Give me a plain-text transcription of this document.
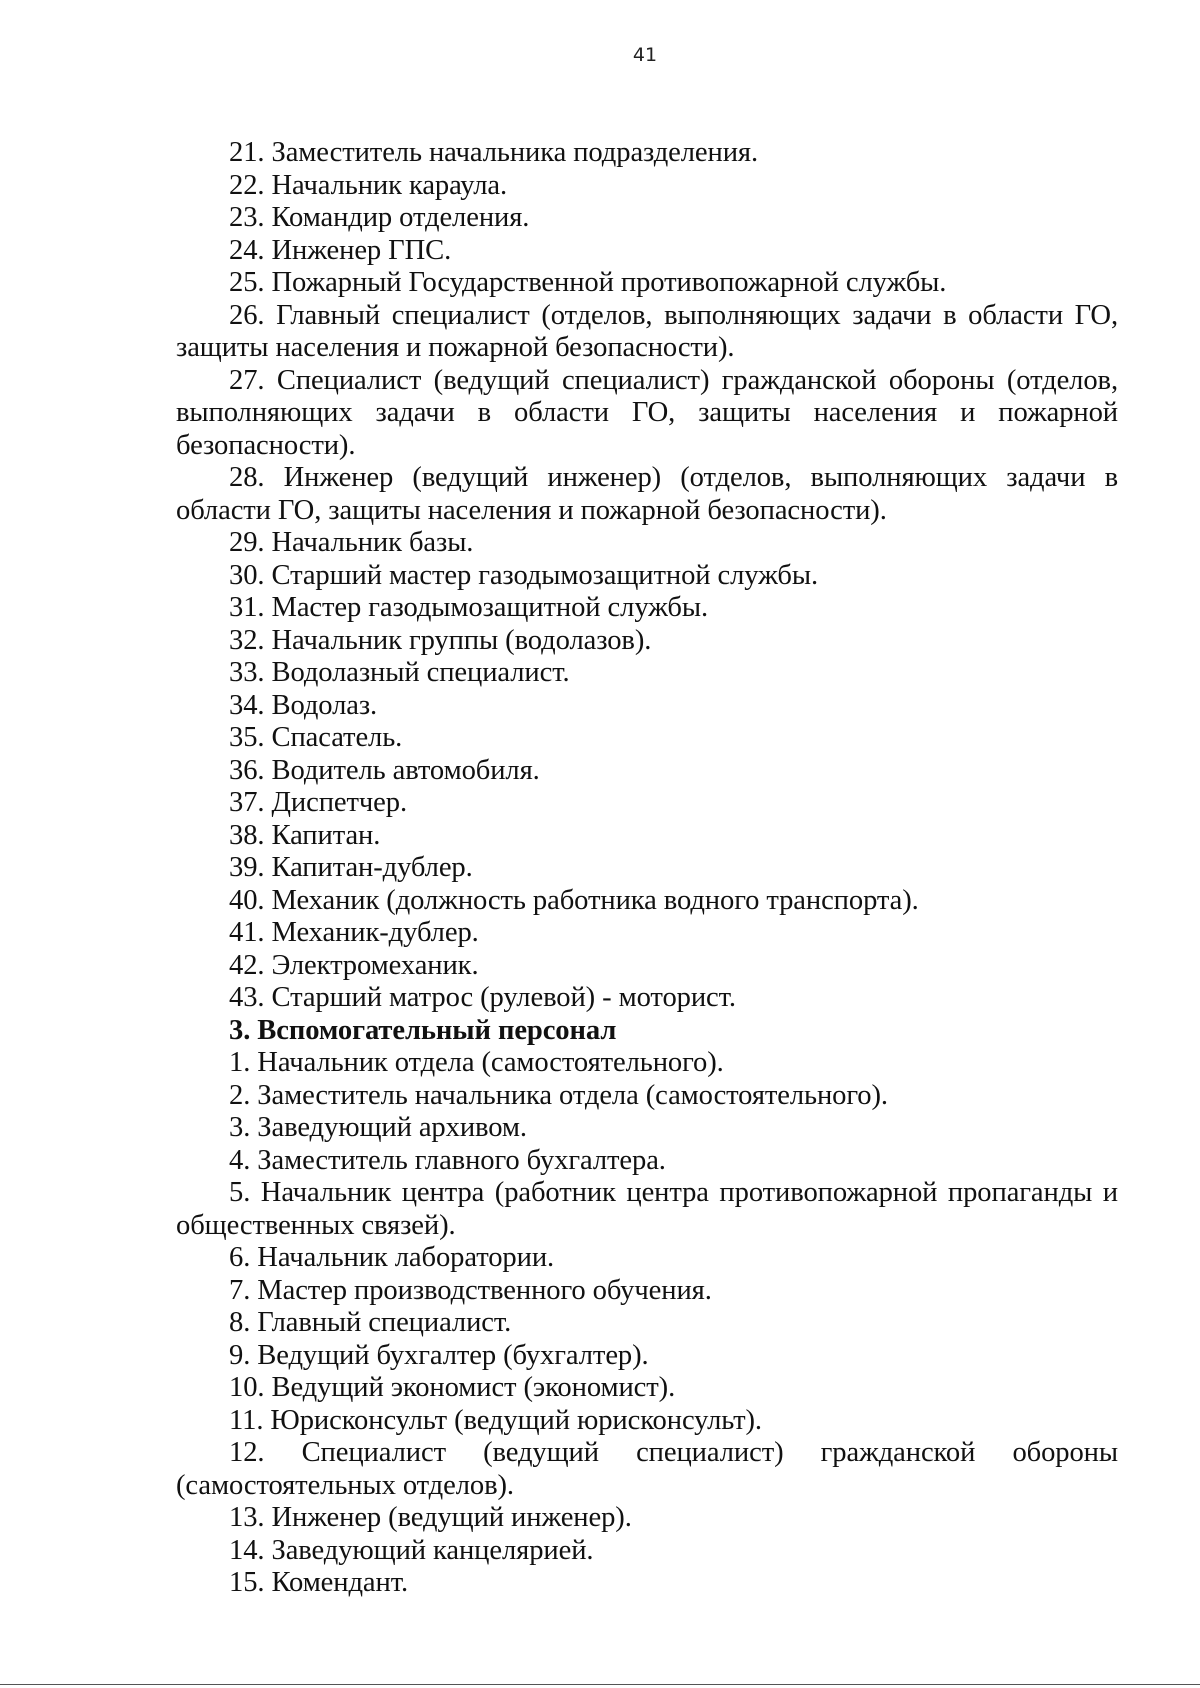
41

21. Заместитель начальника подразделения.

22. Начальник караула.

23. Командир отделения.

24. Инженер ГПС.

25. Пожарный Государственной противопожарной службы.

26. Главный специалист (отделов, выполняющих задачи в области ГО, защиты населения и пожарной безопасности).

27. Специалист (ведущий специалист) гражданской обороны (отделов, выполняющих задачи в области ГО, защиты населения и пожарной безопасности).

28. Инженер (ведущий инженер) (отделов, выполняющих задачи в области ГО, защиты населения и пожарной безопасности).

29. Начальник базы.

30. Старший мастер газодымозащитной службы.

31. Мастер газодымозащитной службы.

32. Начальник группы (водолазов).

33. Водолазный специалист.

34. Водолаз.

35. Спасатель.

36. Водитель автомобиля.

37. Диспетчер.

38. Капитан.

39. Капитан-дублер.

40. Механик (должность работника водного транспорта).

41. Механик-дублер.

42. Электромеханик.

43. Старший матрос (рулевой) - моторист.

3. Вспомогательный персонал

1. Начальник отдела (самостоятельного).

2. Заместитель начальника отдела (самостоятельного).

3. Заведующий архивом.

4. Заместитель главного бухгалтера.

5. Начальник центра (работник центра противопожарной пропаганды и общественных связей).

6. Начальник лаборатории.

7. Мастер производственного обучения.

8. Главный специалист.

9. Ведущий бухгалтер (бухгалтер).

10. Ведущий экономист (экономист).

11. Юрисконсульт (ведущий юрисконсульт).

12. Специалист (ведущий специалист) гражданской обороны (самостоятельных отделов).

13. Инженер (ведущий инженер).

14. Заведующий канцелярией.

15. Комендант.
